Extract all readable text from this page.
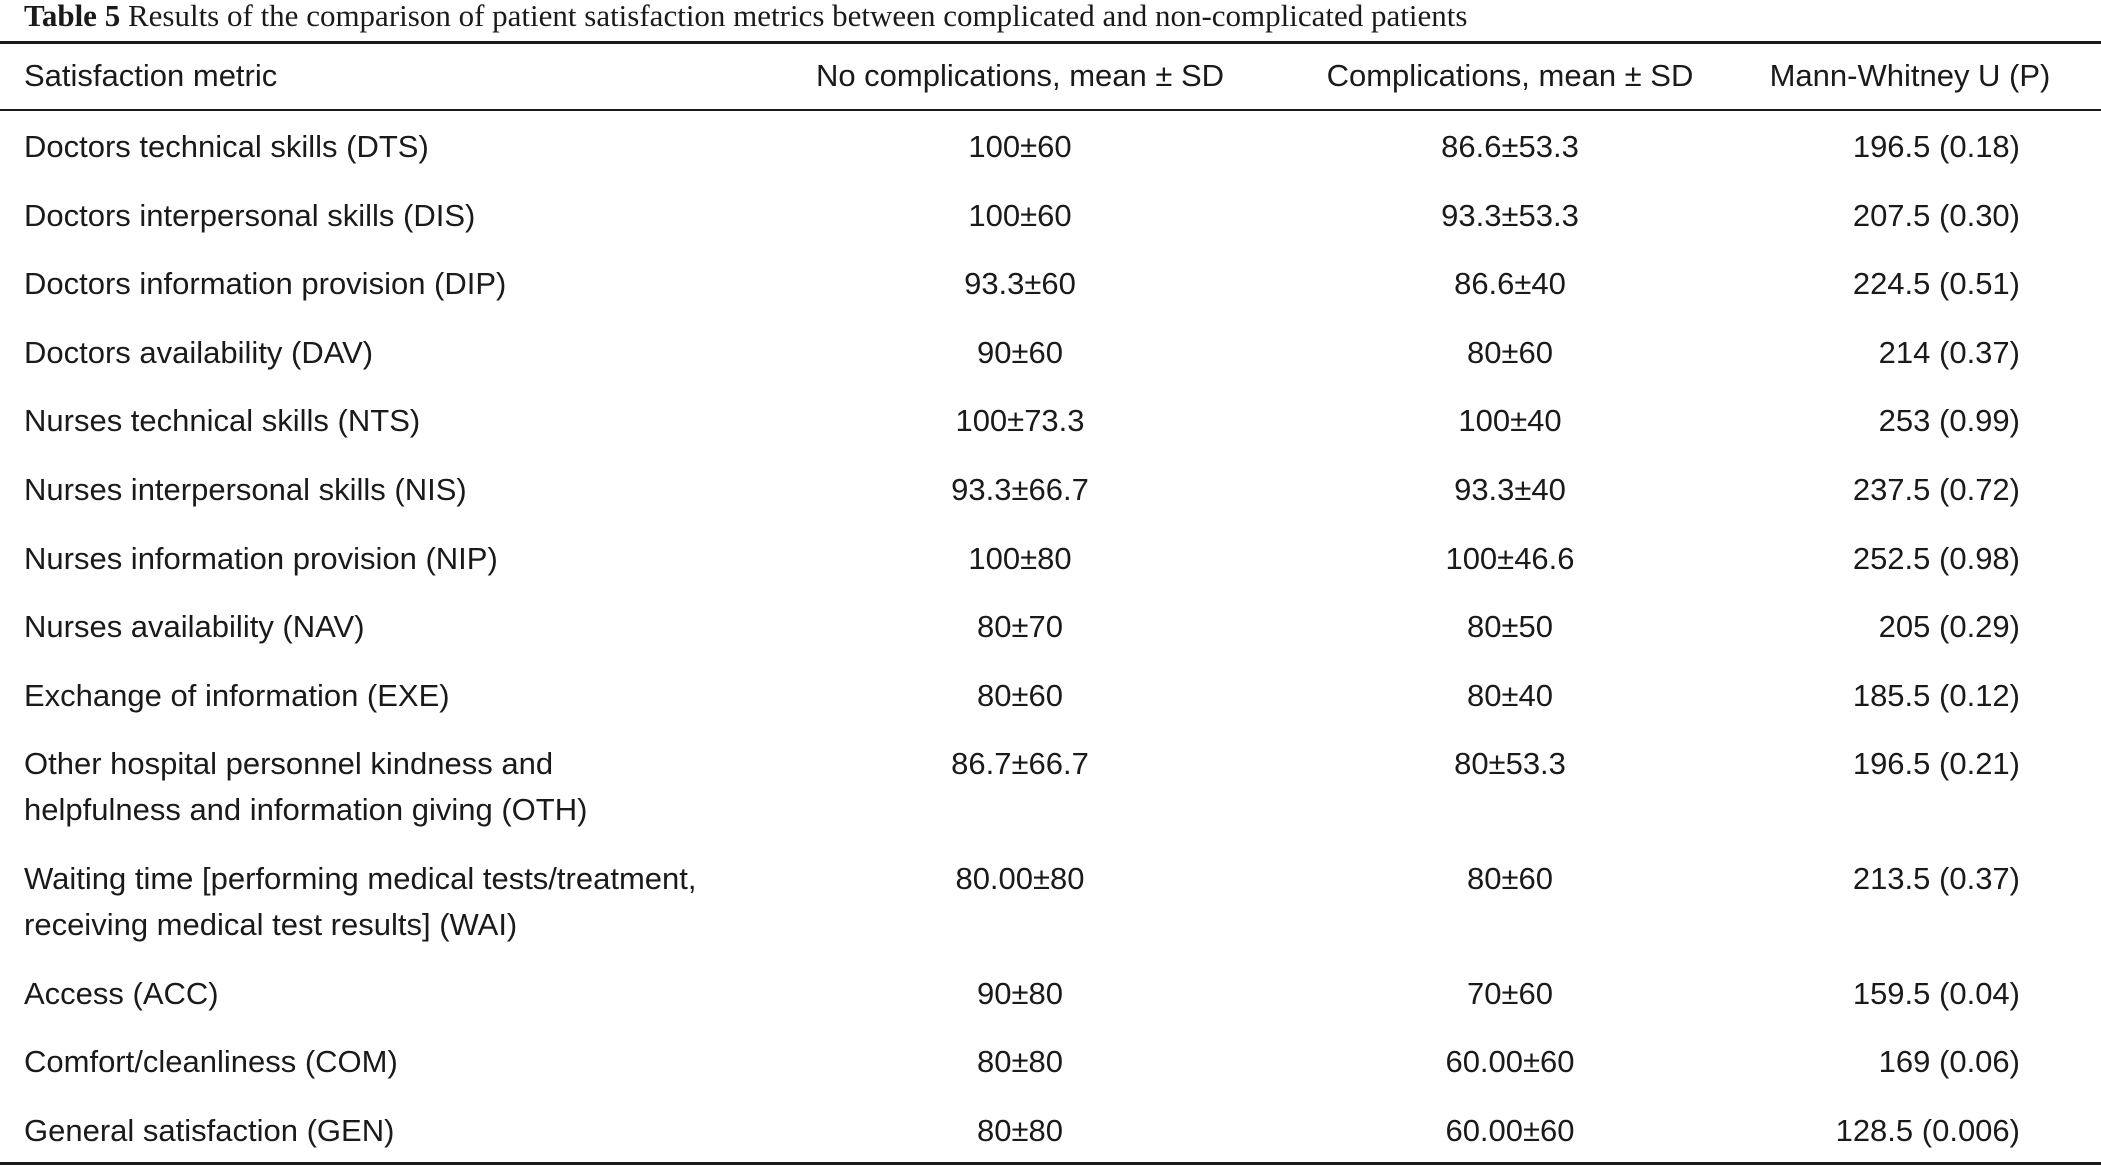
Table 5 Results of the comparison of patient satisfaction metrics between complicated and non-complicated patients
Satisfaction metric	No complications, mean ± SD	Complications, mean ± SD	Mann-Whitney U (P)
Doctors technical skills (DTS)	100±60	86.6±53.3	196.5 (0.18)
Doctors interpersonal skills (DIS)	100±60	93.3±53.3	207.5 (0.30)
Doctors information provision (DIP)	93.3±60	86.6±40	224.5 (0.51)
Doctors availability (DAV)	90±60	80±60	214 (0.37)
Nurses technical skills (NTS)	100±73.3	100±40	253 (0.99)
Nurses interpersonal skills (NIS)	93.3±66.7	93.3±40	237.5 (0.72)
Nurses information provision (NIP)	100±80	100±46.6	252.5 (0.98)
Nurses availability (NAV)	80±70	80±50	205 (0.29)
Exchange of information (EXE)	80±60	80±40	185.5 (0.12)
Other hospital personnel kindness and
helpfulness and information giving (OTH)
86.7±66.7	80±53.3	196.5 (0.21)
Waiting time [performing medical tests/treatment,
receiving medical test results] (WAI)
80.00±80	80±60	213.5 (0.37)
Access (ACC)	90±80	70±60	159.5 (0.04)
Comfort/cleanliness (COM)	80±80	60.00±60	169 (0.06)
General satisfaction (GEN)	80±80	60.00±60	128.5 (0.006)
